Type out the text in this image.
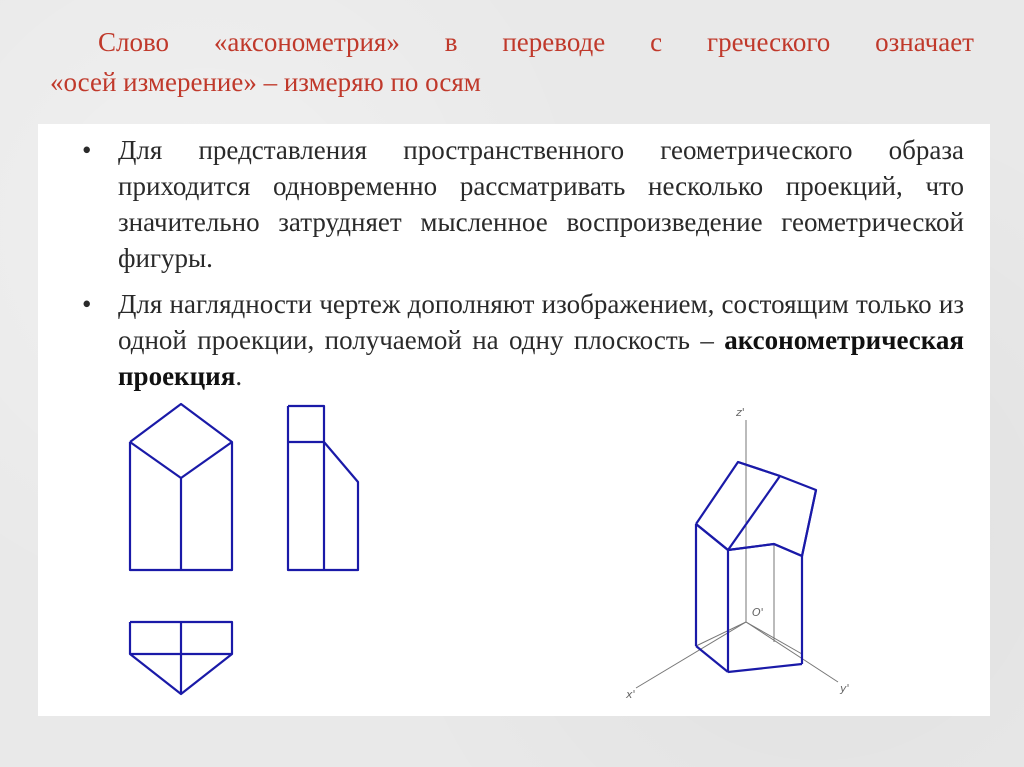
Слово «аксонометрия» в переводе с греческого означает
«осей измерение» – измеряю по осям
• Для представления пространственного геометрического образа приходится одновременно рассматривать несколько проекций, что значительно затрудняет мысленное воспроизведение геометрической фигуры.
• Для наглядности чертеж дополняют изображением, состоящим только из одной проекции, получаемой на одну плоскость – аксонометрическая проекция.
z'
x'	y'
O'
